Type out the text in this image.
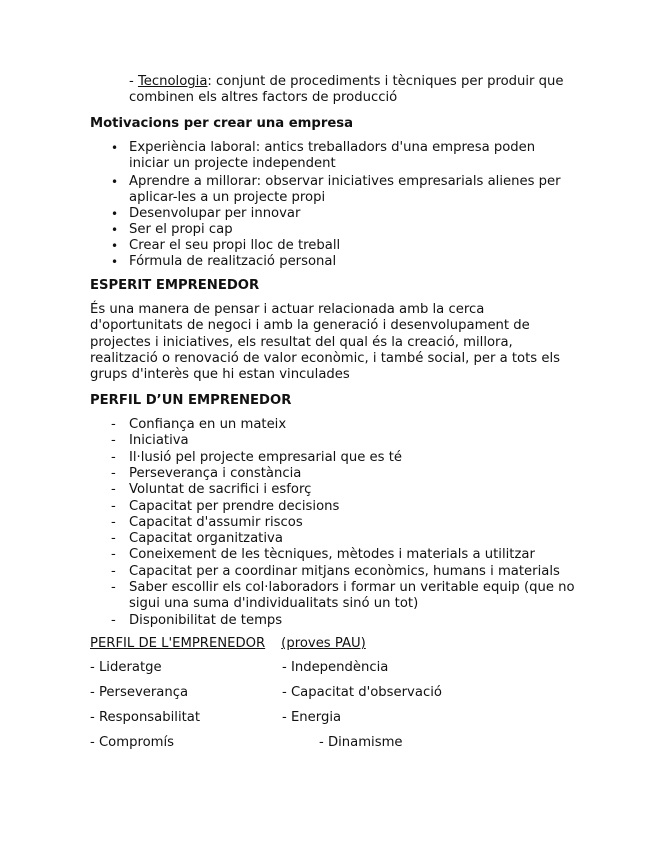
- Tecnologia: conjunt de procediments i tècniques per produir que
combinen els altres factors de producció
Motivacions per crear una empresa
• Experiència laboral: antics treballadors d'una empresa poden
iniciar un projecte independent
• Aprendre a millorar: observar iniciatives empresarials alienes per
aplicar-les a un projecte propi
• Desenvolupar per innovar
• Ser el propi cap
• Crear el seu propi lloc de treball
• Fórmula de realització personal
ESPERIT EMPRENEDOR
És una manera de pensar i actuar relacionada amb la cerca
d'oportunitats de negoci i amb la generació i desenvolupament de
projectes i iniciatives, els resultat del qual és la creació, millora,
realització o renovació de valor econòmic, i també social, per a tots els
grups d'interès que hi estan vinculades
PERFIL D’UN EMPRENEDOR
- Confiança en un mateix
- Iniciativa
- Il·lusió pel projecte empresarial que es té
- Perseverança i constància
- Voluntat de sacrifici i esforç
- Capacitat per prendre decisions
- Capacitat d'assumir riscos
- Capacitat organitzativa
- Coneixement de les tècniques, mètodes i materials a utilitzar
- Capacitat per a coordinar mitjans econòmics, humans i materials
- Saber escollir els col·laboradors i formar un veritable equip (que no
sigui una suma d'individualitats sinó un tot)
- Disponibilitat de temps
PERFIL DE L'EMPRENEDOR (proves PAU)
- Lideratge	- Independència
- Perseverança	- Capacitat d'observació
- Responsabilitat	- Energia
- Compromís	- Dinamisme
